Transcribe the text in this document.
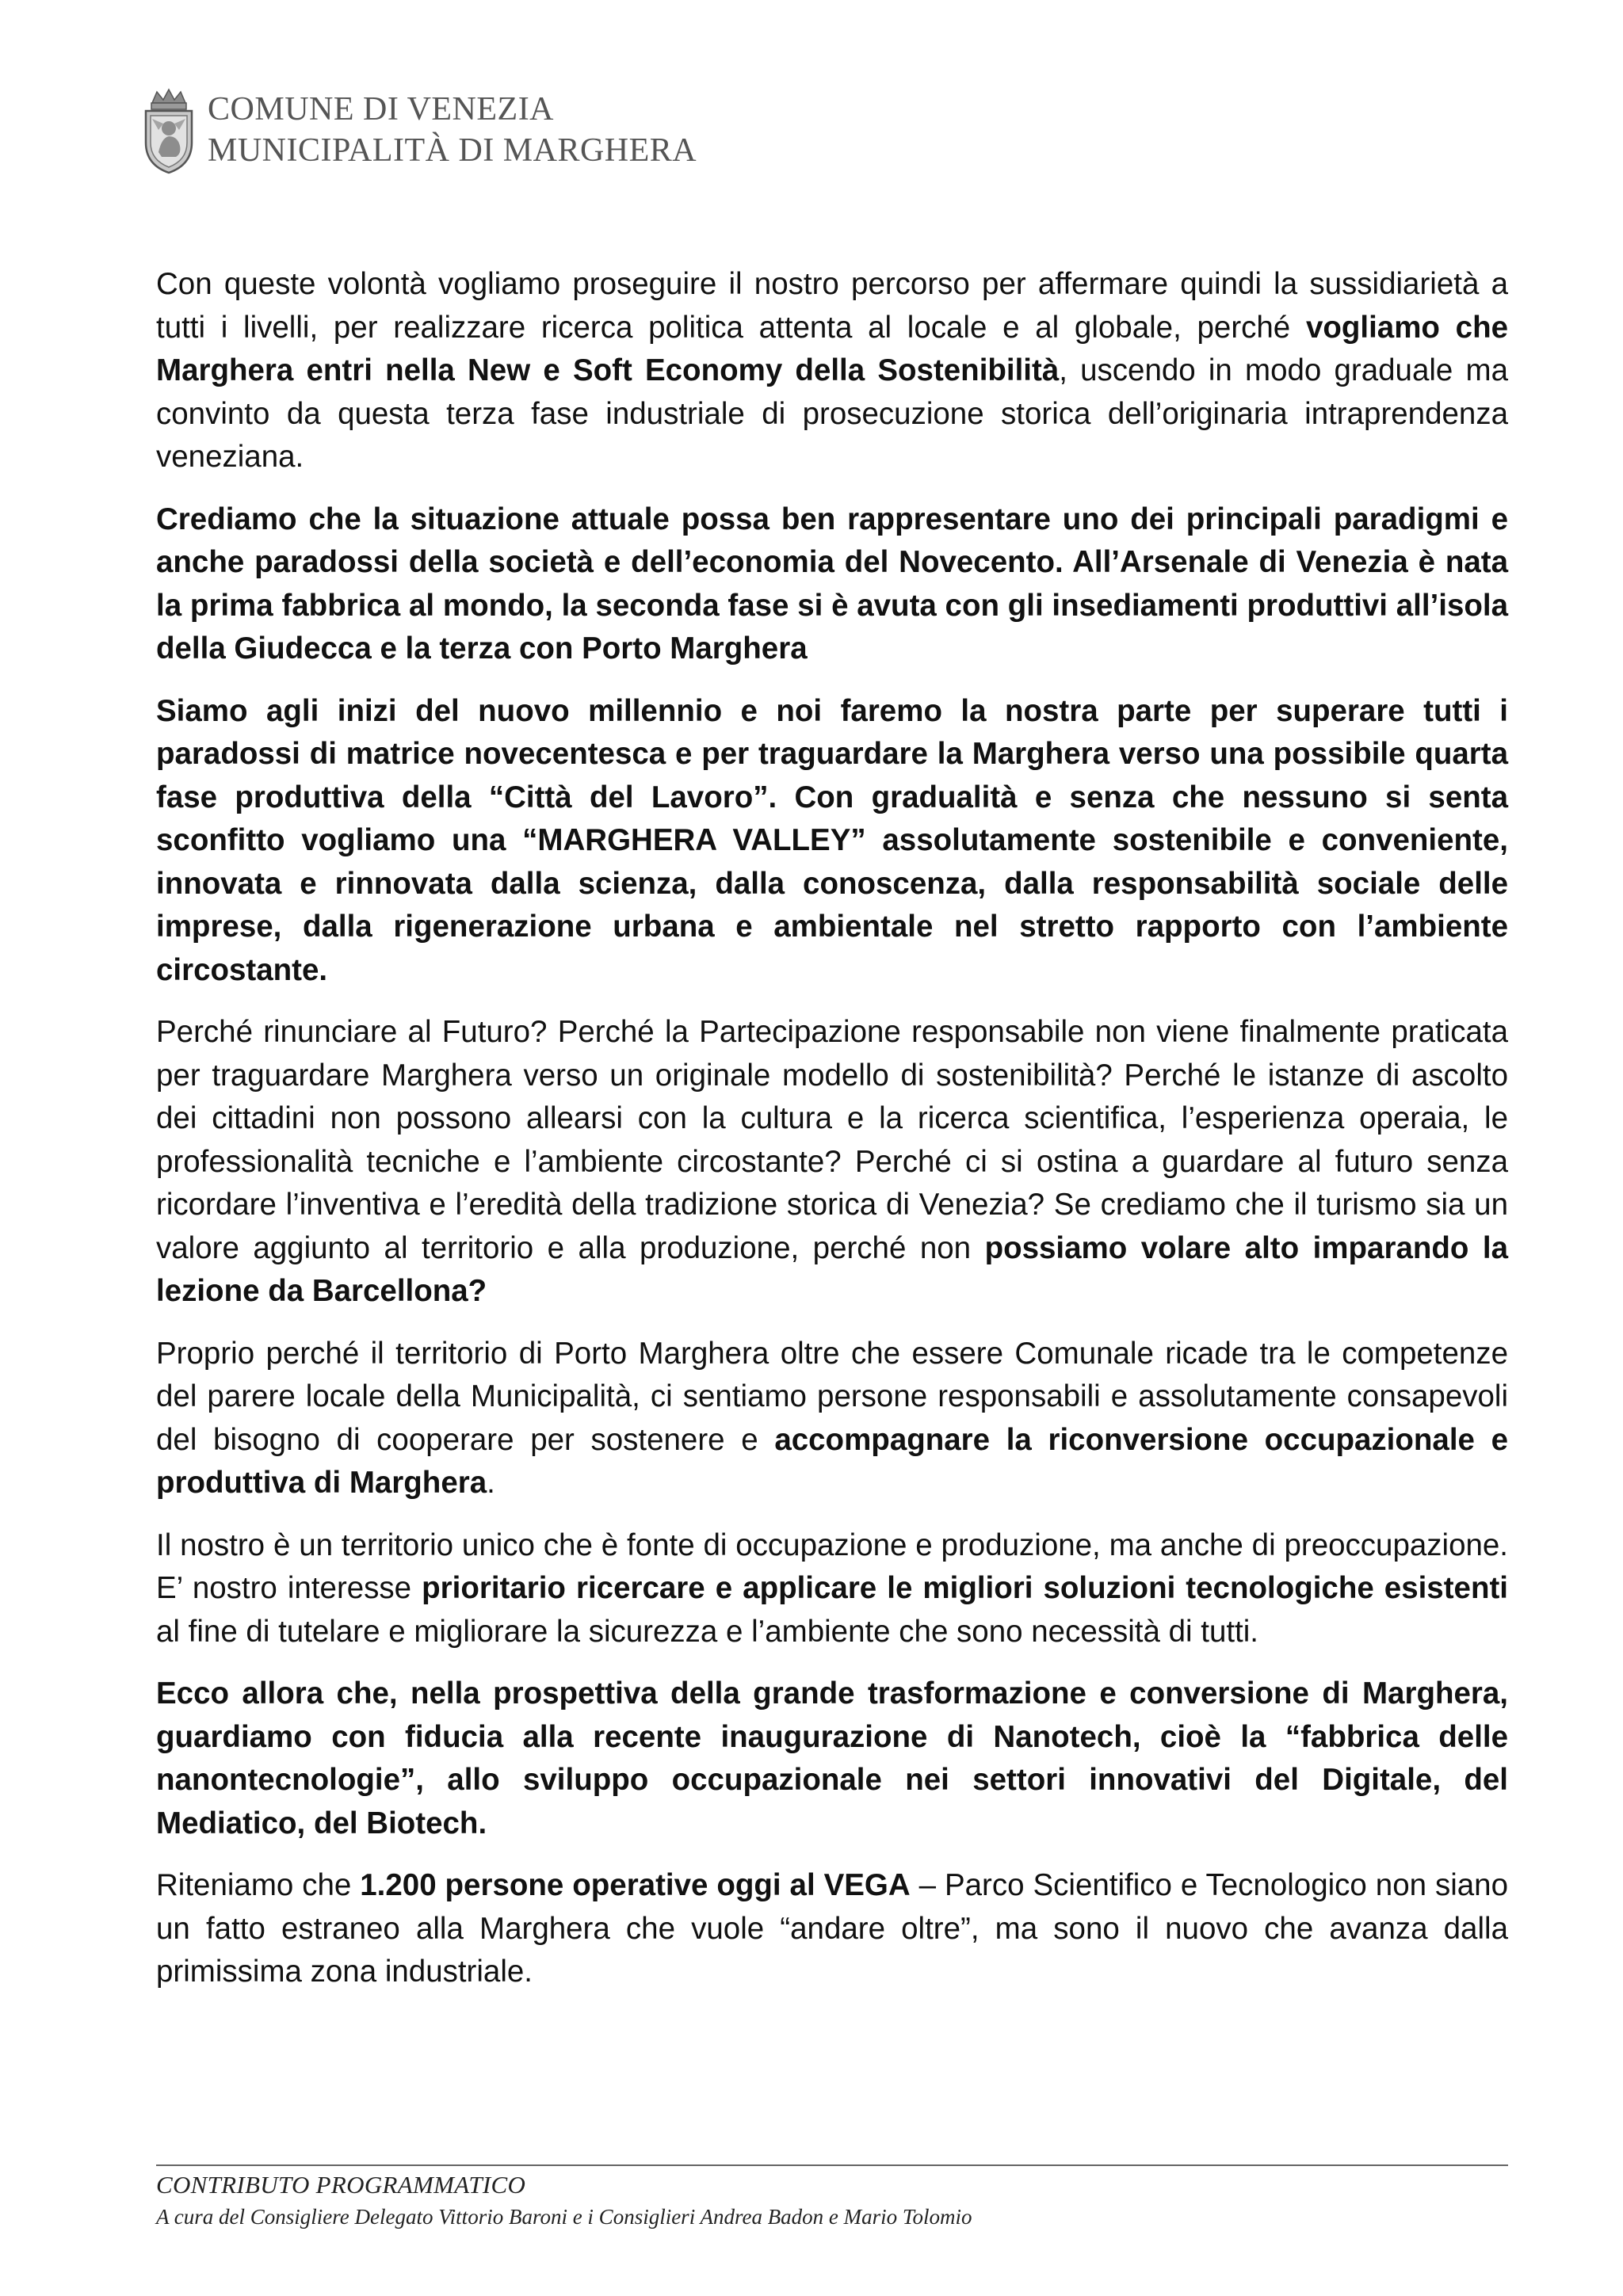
COMUNE DI VENEZIA
MUNICIPALITÀ DI MARGHERA

Con queste volontà vogliamo proseguire il nostro percorso per affermare quindi la sussidiarietà a tutti i livelli, per realizzare ricerca politica attenta al locale e al globale, perché vogliamo che Marghera entri nella New e Soft Economy della Sostenibilità, uscendo in modo graduale ma convinto da questa terza fase industriale di prosecuzione storica dell’originaria intraprendenza veneziana.

Crediamo che la situazione attuale possa ben rappresentare uno dei principali paradigmi e anche paradossi della società e dell’economia del Novecento. All’Arsenale di Venezia è nata la prima fabbrica al mondo, la seconda fase si è avuta con gli insediamenti produttivi all’isola della Giudecca e la terza con Porto Marghera

Siamo agli inizi del nuovo millennio e noi faremo la nostra parte per superare tutti i paradossi di matrice novecentesca e per traguardare la Marghera verso una possibile quarta fase produttiva della “Città del Lavoro”. Con gradualità e senza che nessuno si senta sconfitto vogliamo una “MARGHERA VALLEY” assolutamente sostenibile e conveniente, innovata e rinnovata dalla scienza, dalla conoscenza, dalla responsabilità sociale delle imprese, dalla rigenerazione urbana e ambientale nel stretto rapporto con l’ambiente circostante.

Perché rinunciare al Futuro? Perché la Partecipazione responsabile non viene finalmente praticata per traguardare Marghera verso un originale modello di sostenibilità? Perché le istanze di ascolto dei cittadini non possono allearsi con la cultura e la ricerca scientifica, l’esperienza operaia, le professionalità tecniche e l’ambiente circostante? Perché ci si ostina a guardare al futuro senza ricordare l’inventiva e l’eredità della tradizione storica di Venezia? Se crediamo che il turismo sia un valore aggiunto al territorio e alla produzione, perché non possiamo volare alto imparando la lezione da Barcellona?

Proprio perché il territorio di Porto Marghera oltre che essere Comunale ricade tra le competenze del parere locale della Municipalità, ci sentiamo persone responsabili e assolutamente consapevoli del bisogno di cooperare per sostenere e accompagnare la riconversione occupazionale e produttiva di Marghera.

Il nostro è un territorio unico che è fonte di occupazione e produzione, ma anche di preoccupazione. E’ nostro interesse prioritario ricercare e applicare le migliori soluzioni tecnologiche esistenti al fine di tutelare e migliorare la sicurezza e l’ambiente che sono necessità di tutti.

Ecco allora che, nella prospettiva della grande trasformazione e conversione di Marghera, guardiamo con fiducia alla recente inaugurazione di Nanotech, cioè la “fabbrica delle nanontecnologie”, allo sviluppo occupazionale nei settori innovativi del Digitale, del Mediatico, del Biotech.

Riteniamo che 1.200 persone operative oggi al VEGA – Parco Scientifico e Tecnologico non siano un fatto estraneo alla Marghera che vuole “andare oltre”, ma sono il nuovo che avanza dalla primissima zona industriale.

CONTRIBUTO PROGRAMMATICO
A cura del Consigliere Delegato Vittorio Baroni e i Consiglieri Andrea Badon e Mario Tolomio
